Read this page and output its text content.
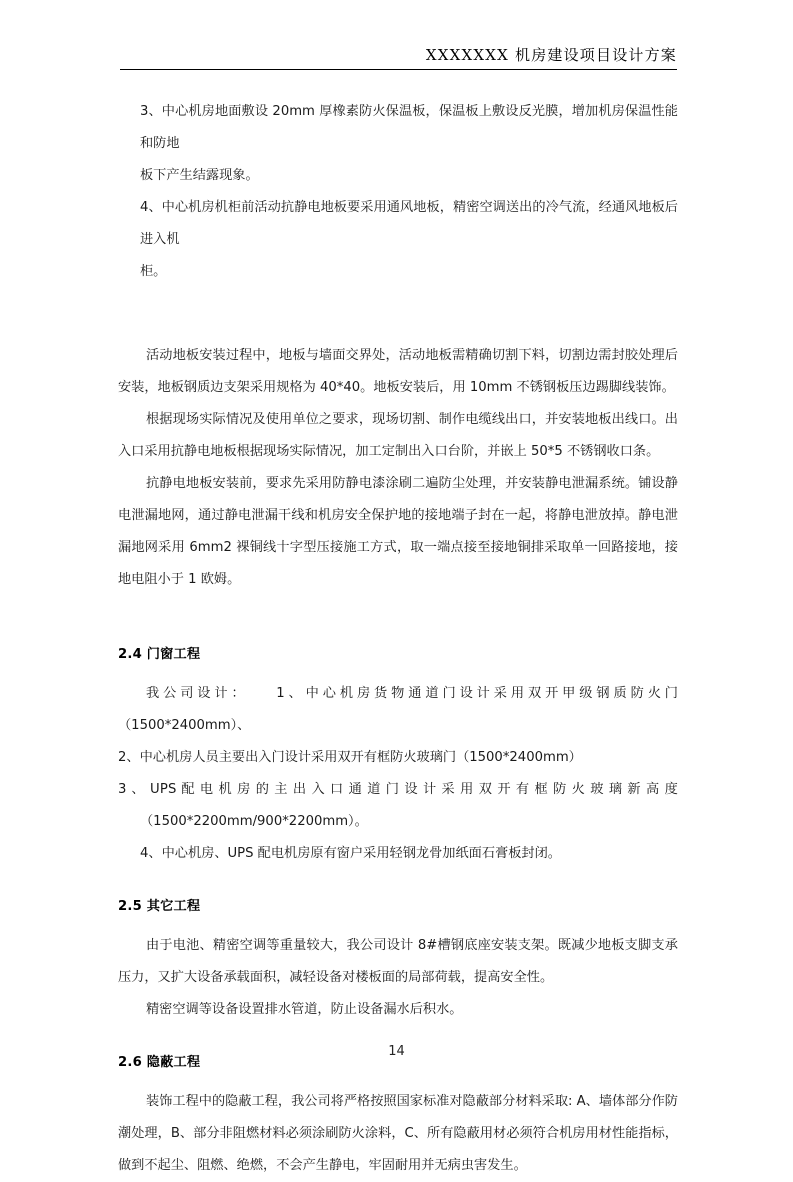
XXXXXXX 机房建设项目设计方案

3、中心机房地面敷设 20mm 厚橡素防火保温板，保温板上敷设反光膜，增加机房保温性能和防地

板下产生结露现象。

4、中心机房机柜前活动抗静电地板要采用通风地板，精密空调送出的冷气流，经通风地板后进入机

柜。

活动地板安装过程中，地板与墙面交界处，活动地板需精确切割下料，切割边需封胶处理后安装，地板钢质边支架采用规格为 40*40。地板安装后，用 10mm 不锈钢板压边踢脚线装饰。

根据现场实际情况及使用单位之要求，现场切割、制作电缆线出口，并安装地板出线口。出入口采用抗静电地板根据现场实际情况，加工定制出入口台阶，并嵌上 50*5 不锈钢收口条。

抗静电地板安装前，要求先采用防静电漆涂刷二遍防尘处理，并安装静电泄漏系统。铺设静电泄漏地网，通过静电泄漏干线和机房安全保护地的接地端子封在一起，将静电泄放掉。静电泄漏地网采用 6mm2 裸铜线十字型压接施工方式，取一端点接至接地铜排采取单一回路接地，接地电阻小于 1 欧姆。

2.4 门窗工程

我公司设计：　　1、中心机房货物通道门设计采用双开甲级钢质防火门（1500*2400mm）、

2、中心机房人员主要出入门设计采用双开有框防火玻璃门（1500*2400mm）

3 、 UPS 配 电 机 房 的 主 出 入 口 通 道 门 设 计 采 用 双 开 有 框 防 火 玻 璃 新 高 度
（1500*2200mm/900*2200mm）。

4、中心机房、UPS 配电机房原有窗户采用轻钢龙骨加纸面石膏板封闭。

2.5 其它工程

由于电池、精密空调等重量较大，我公司设计 8#槽钢底座安装支架。既减少地板支脚支承压力，又扩大设备承载面积，减轻设备对楼板面的局部荷载，提高安全性。

精密空调等设备设置排水管道，防止设备漏水后积水。

2.6 隐蔽工程

装饰工程中的隐蔽工程，我公司将严格按照国家标准对隐蔽部分材料采取: A、墙体部分作防潮处理，B、部分非阻燃材料必须涂刷防火涂料，C、所有隐蔽用材必须符合机房用材性能指标，做到不起尘、阻燃、绝燃，不会产生静电，牢固耐用并无病虫害发生。

14
